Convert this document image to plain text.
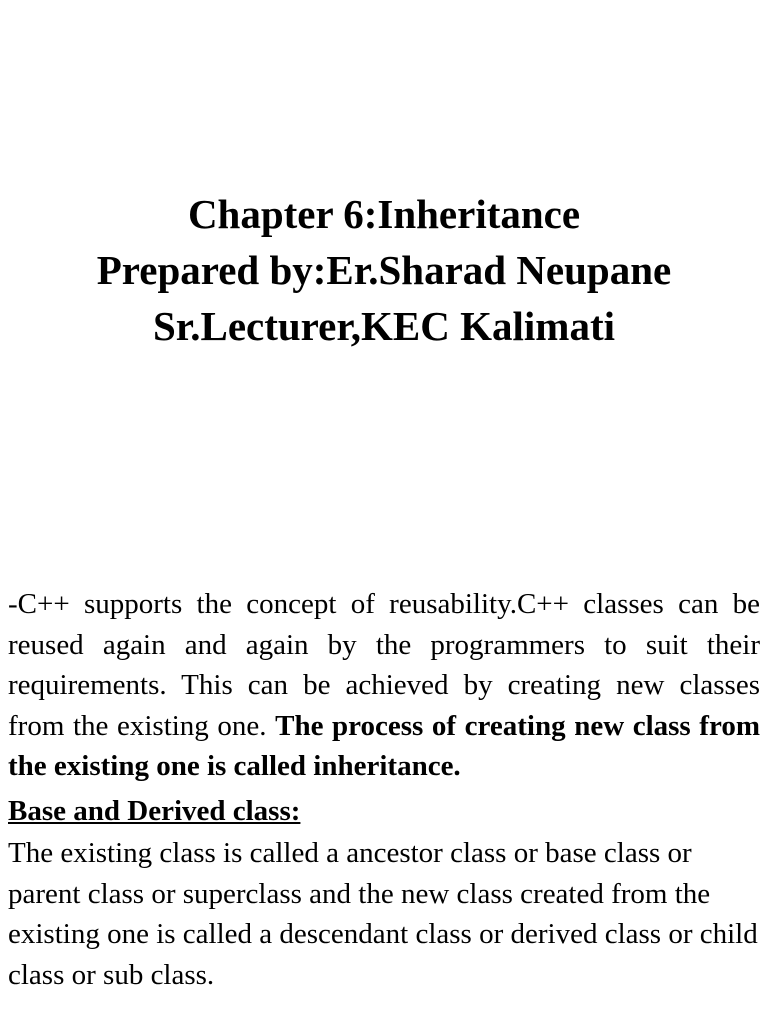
Chapter 6:Inheritance
Prepared by:Er.Sharad Neupane
Sr.Lecturer,KEC Kalimati

-C++ supports the concept of reusability.C++ classes can be reused again and again by the programmers to suit their requirements. This can be achieved by creating new classes from the existing one. The process of creating new class from the existing one is called inheritance.

Base and Derived class:

The existing class is called a ancestor class or base class or parent class or superclass and the new class created from the existing one is called a descendant class or derived class or child class or sub class.
